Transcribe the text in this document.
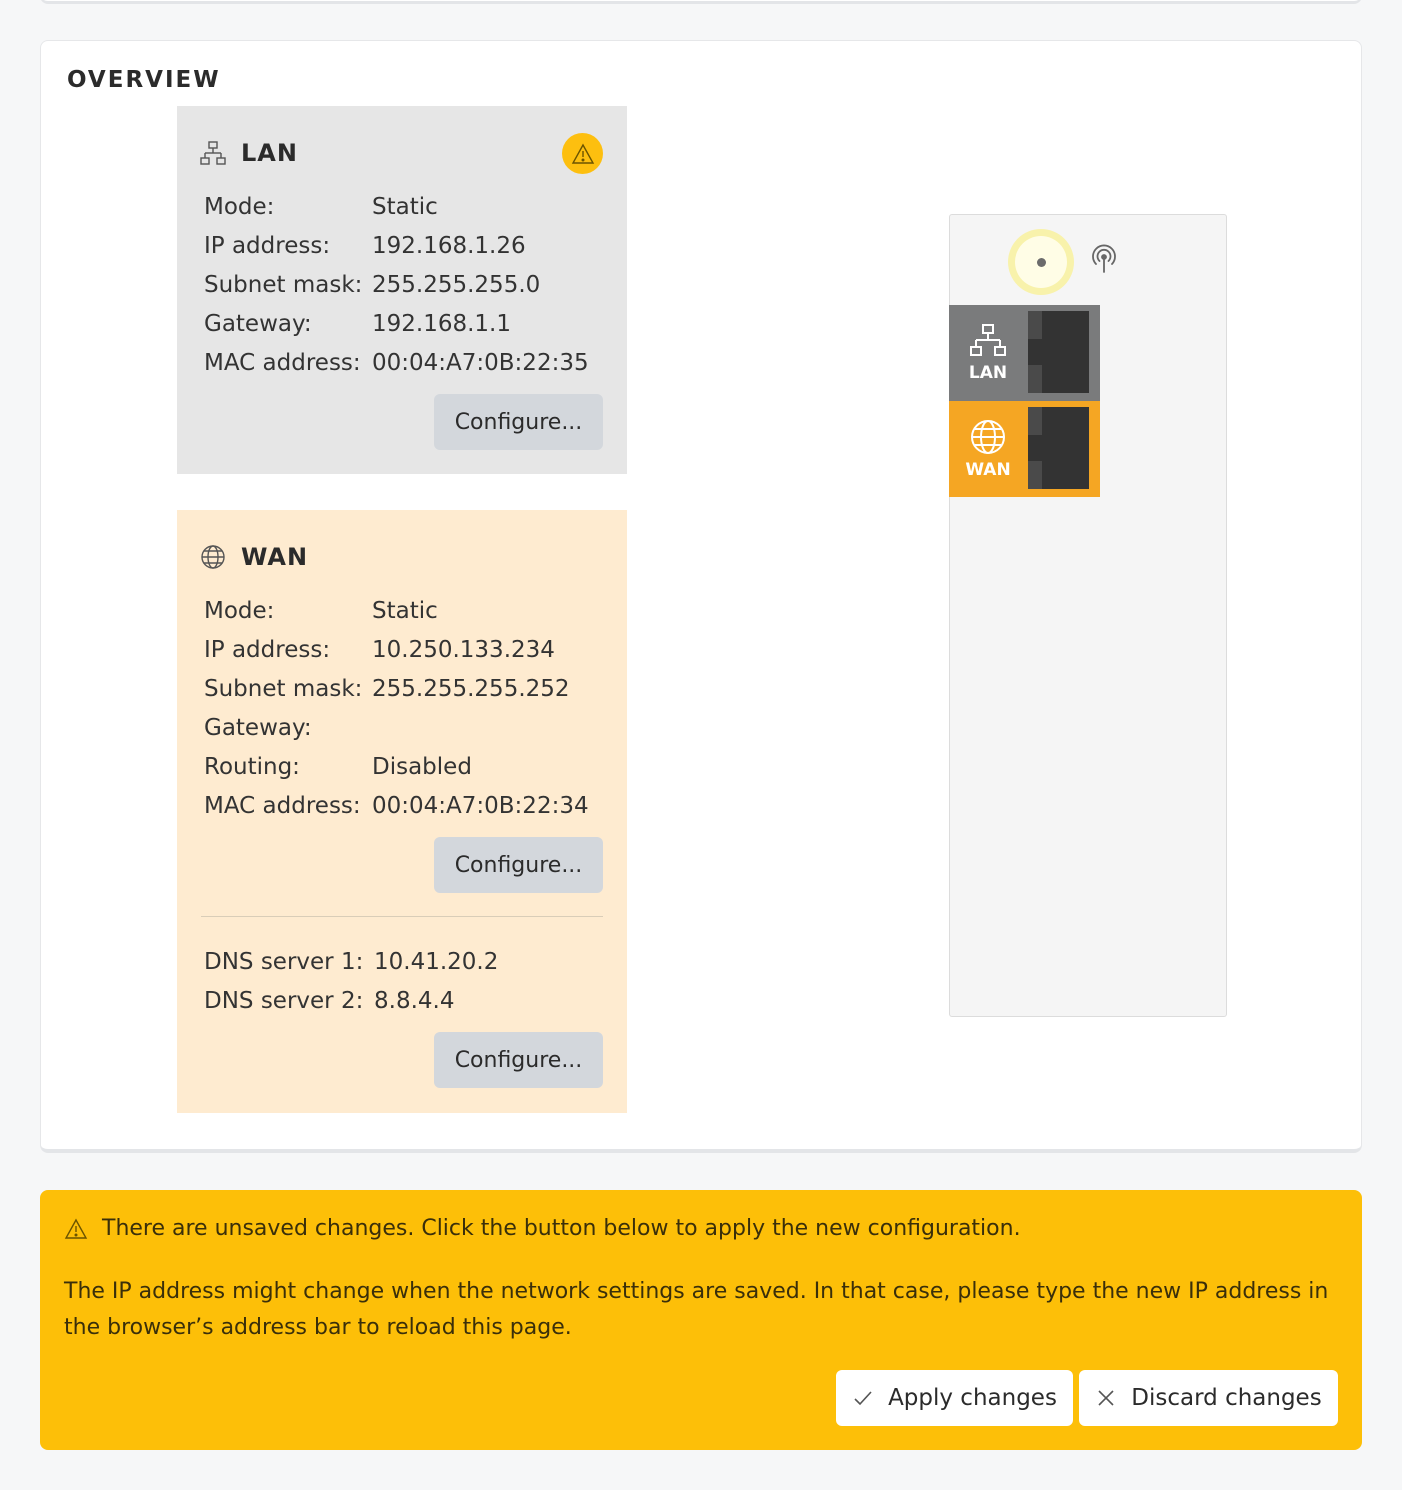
OVERVIEW
LAN
Mode:	Static
IP address:	192.168.1.26
Subnet mask: 255.255.255.0
Gateway:	192.168.1.1
MAC address: 00:04:A7:0B:22:35
Configure...
WAN
Mode:	Static
IP address:	10.250.133.234
Subnet mask: 255.255.255.252
Gateway:
Routing:	Disabled
MAC address: 00:04:A7:0B:22:34
Configure...
DNS server 1: 10.41.20.2
DNS server 2: 8.8.4.4
Configure...
LAN
WAN
There are unsaved changes. Click the button below to apply the new configuration.
The IP address might change when the network settings are saved. In that case, please type the new IP address in the browser’s address bar to reload this page.
Apply changes	Discard changes
